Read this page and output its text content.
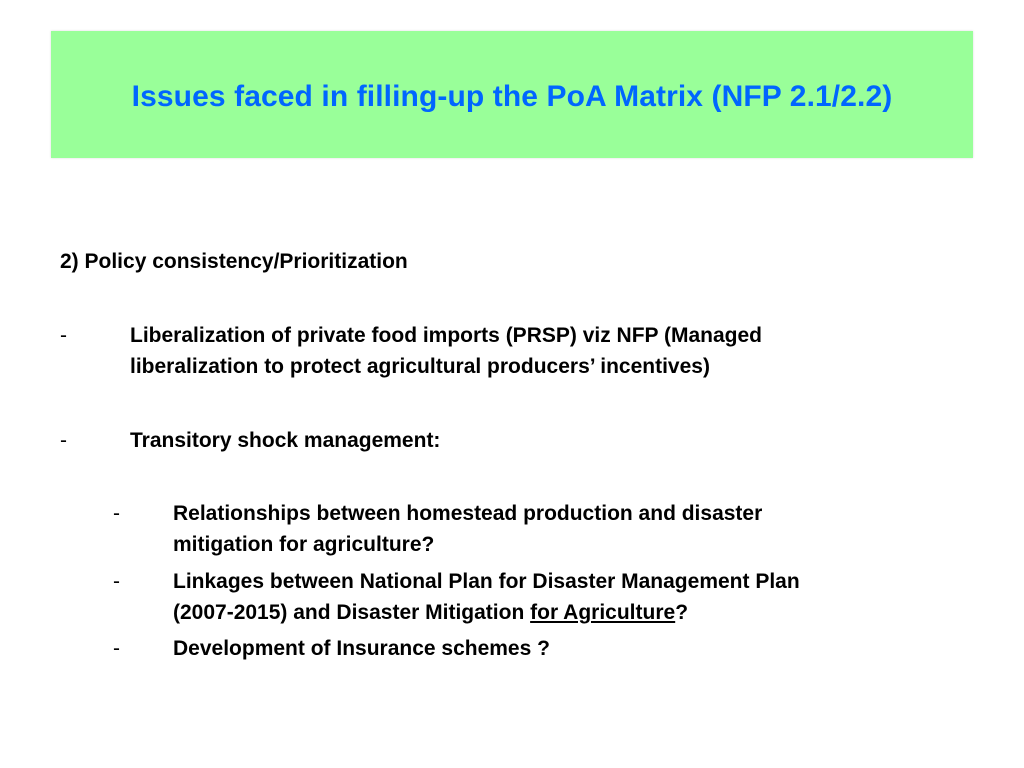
Issues faced in filling-up the PoA Matrix (NFP 2.1/2.2)

2) Policy consistency/Prioritization

-	Liberalization of private food imports (PRSP) viz NFP (Managed
liberalization to protect agricultural producers’ incentives)
-	Transitory shock management:
-	Relationships between homestead production and disaster
mitigation for agriculture?
-	Linkages between National Plan for Disaster Management Plan
(2007-2015) and Disaster Mitigation for Agriculture?
-	Development of Insurance schemes ?
